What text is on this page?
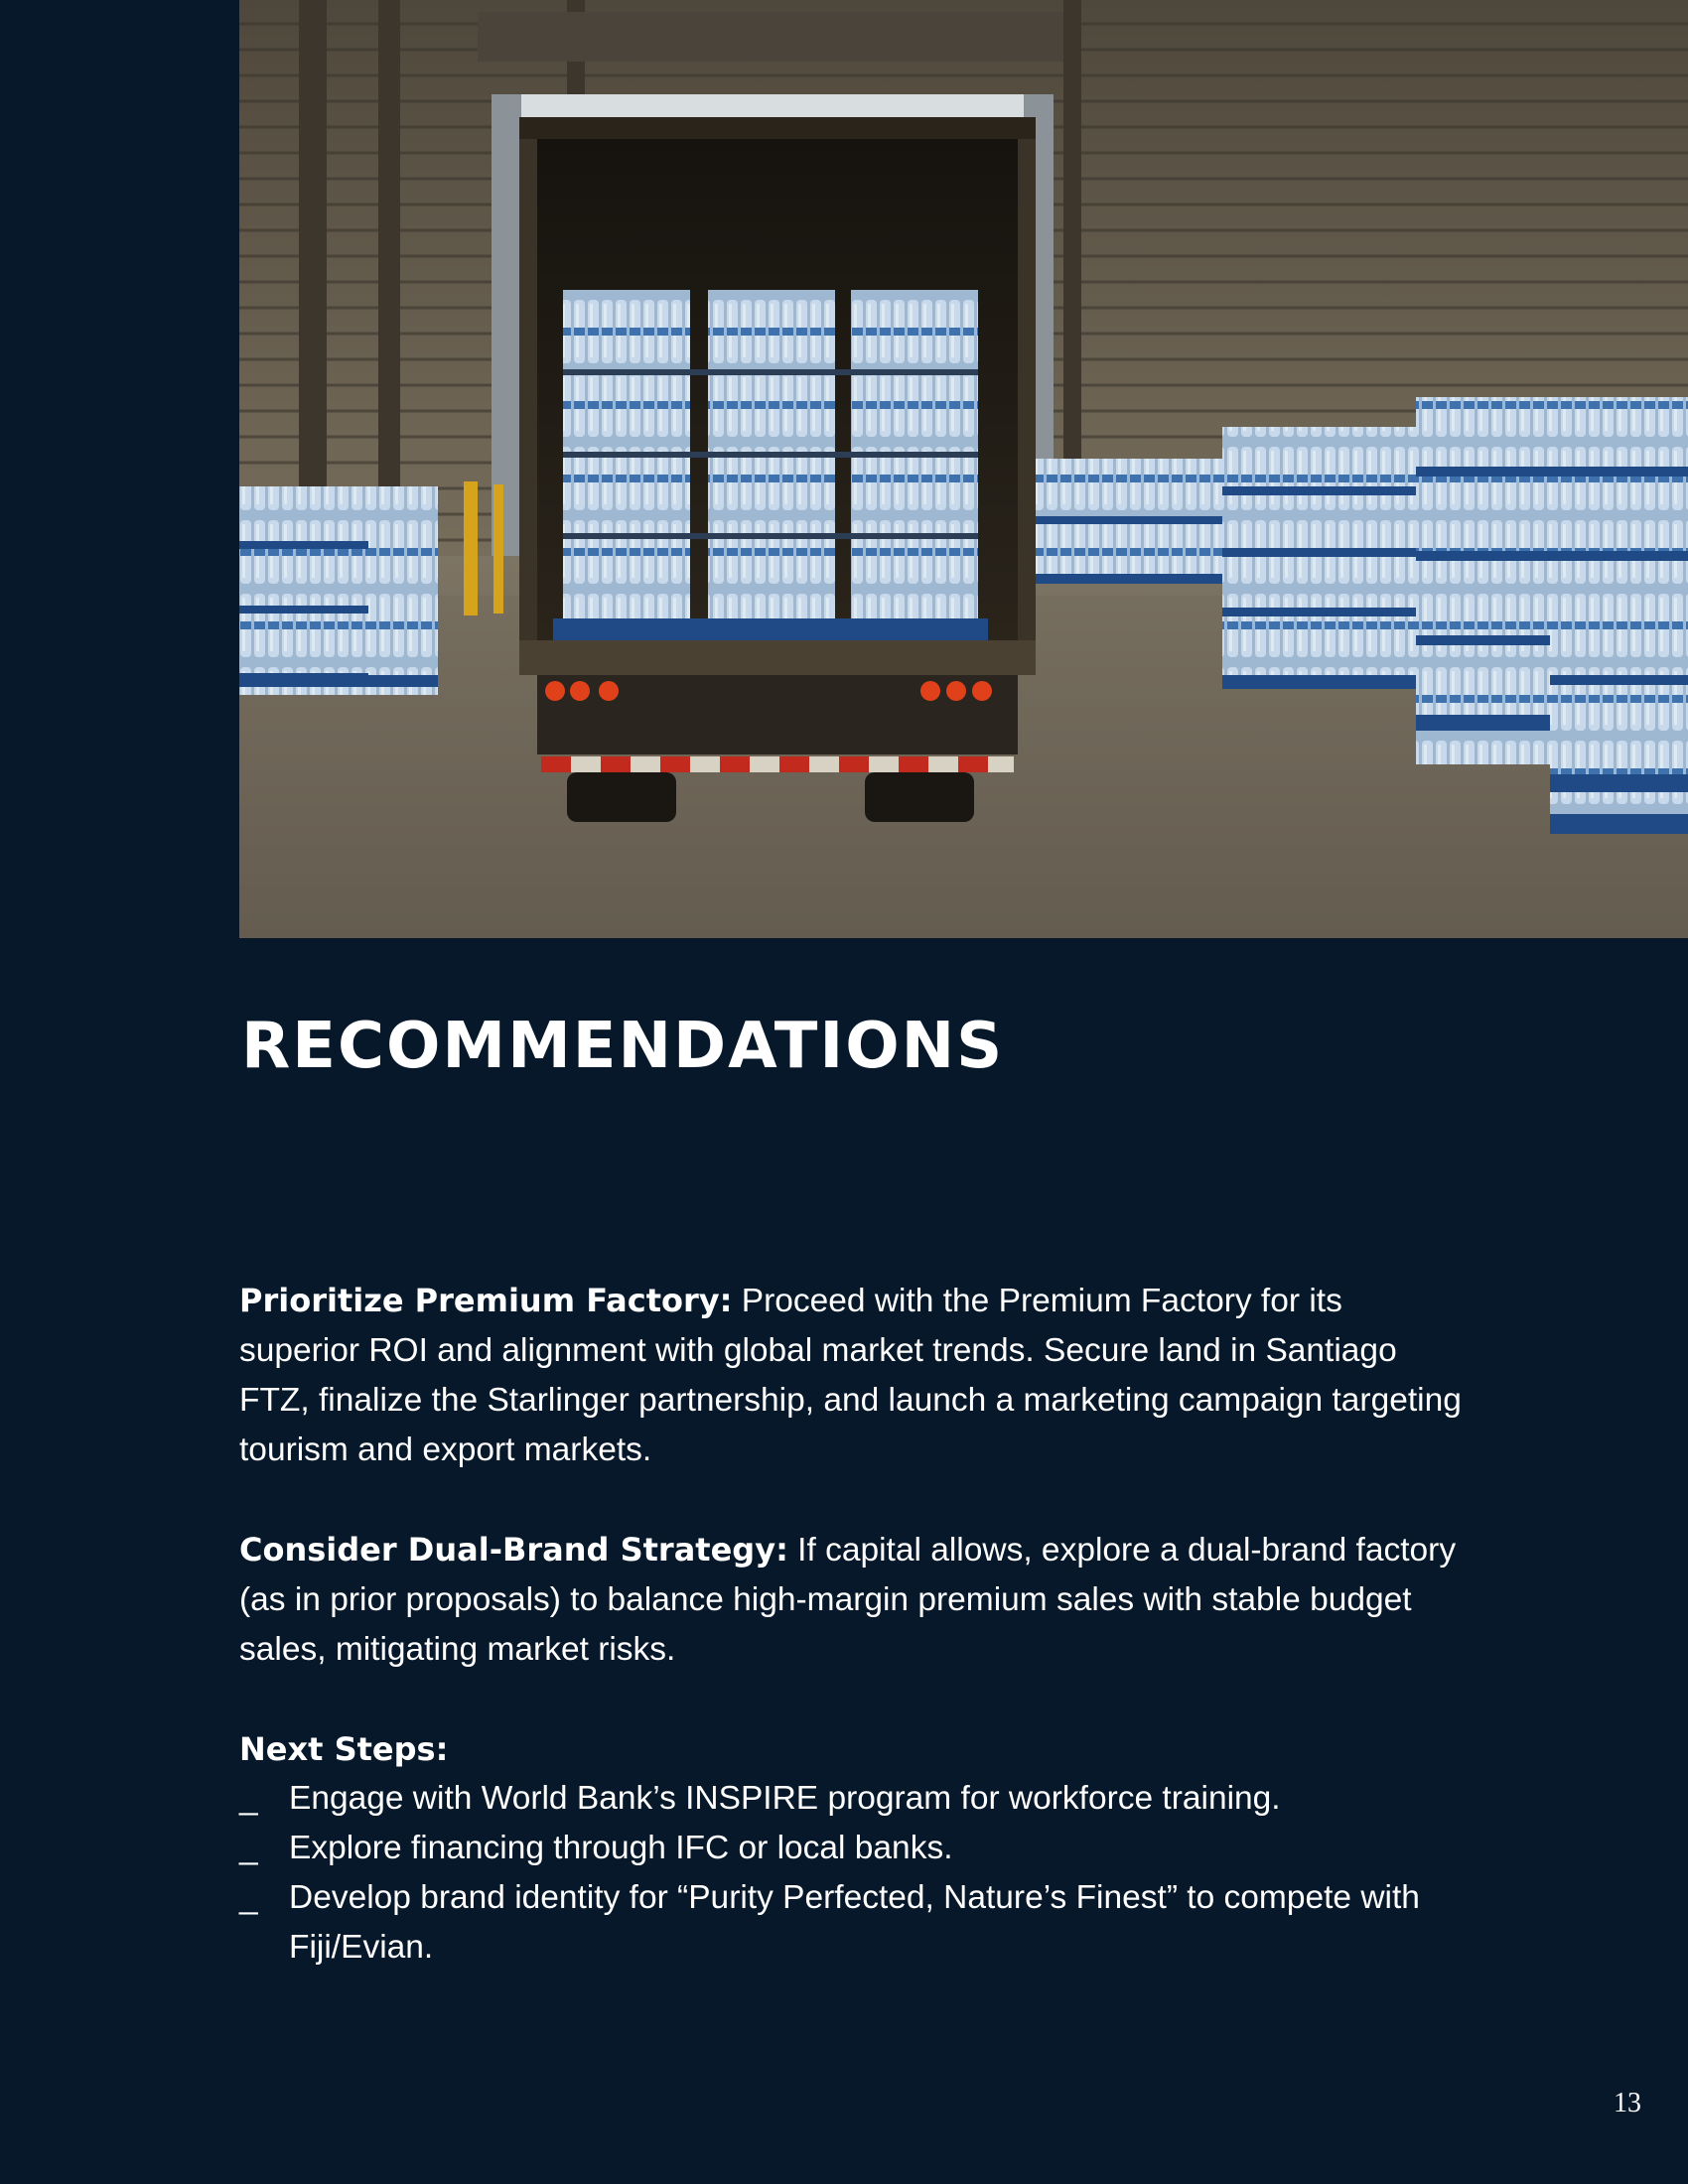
RECOMMENDATIONS

Prioritize Premium Factory: Proceed with the Premium Factory for its superior ROI and alignment with global market trends. Secure land in Santiago FTZ, finalize the Starlinger partnership, and launch a marketing campaign targeting tourism and export markets.

Consider Dual-Brand Strategy: If capital allows, explore a dual-brand factory (as in prior proposals) to balance high-margin premium sales with stable budget sales, mitigating market risks.

Next Steps:

_ Engage with World Bank’s INSPIRE program for workforce training.
_ Explore financing through IFC or local banks.
_ Develop brand identity for “Purity Perfected, Nature’s Finest” to compete with Fiji/Evian.
13
